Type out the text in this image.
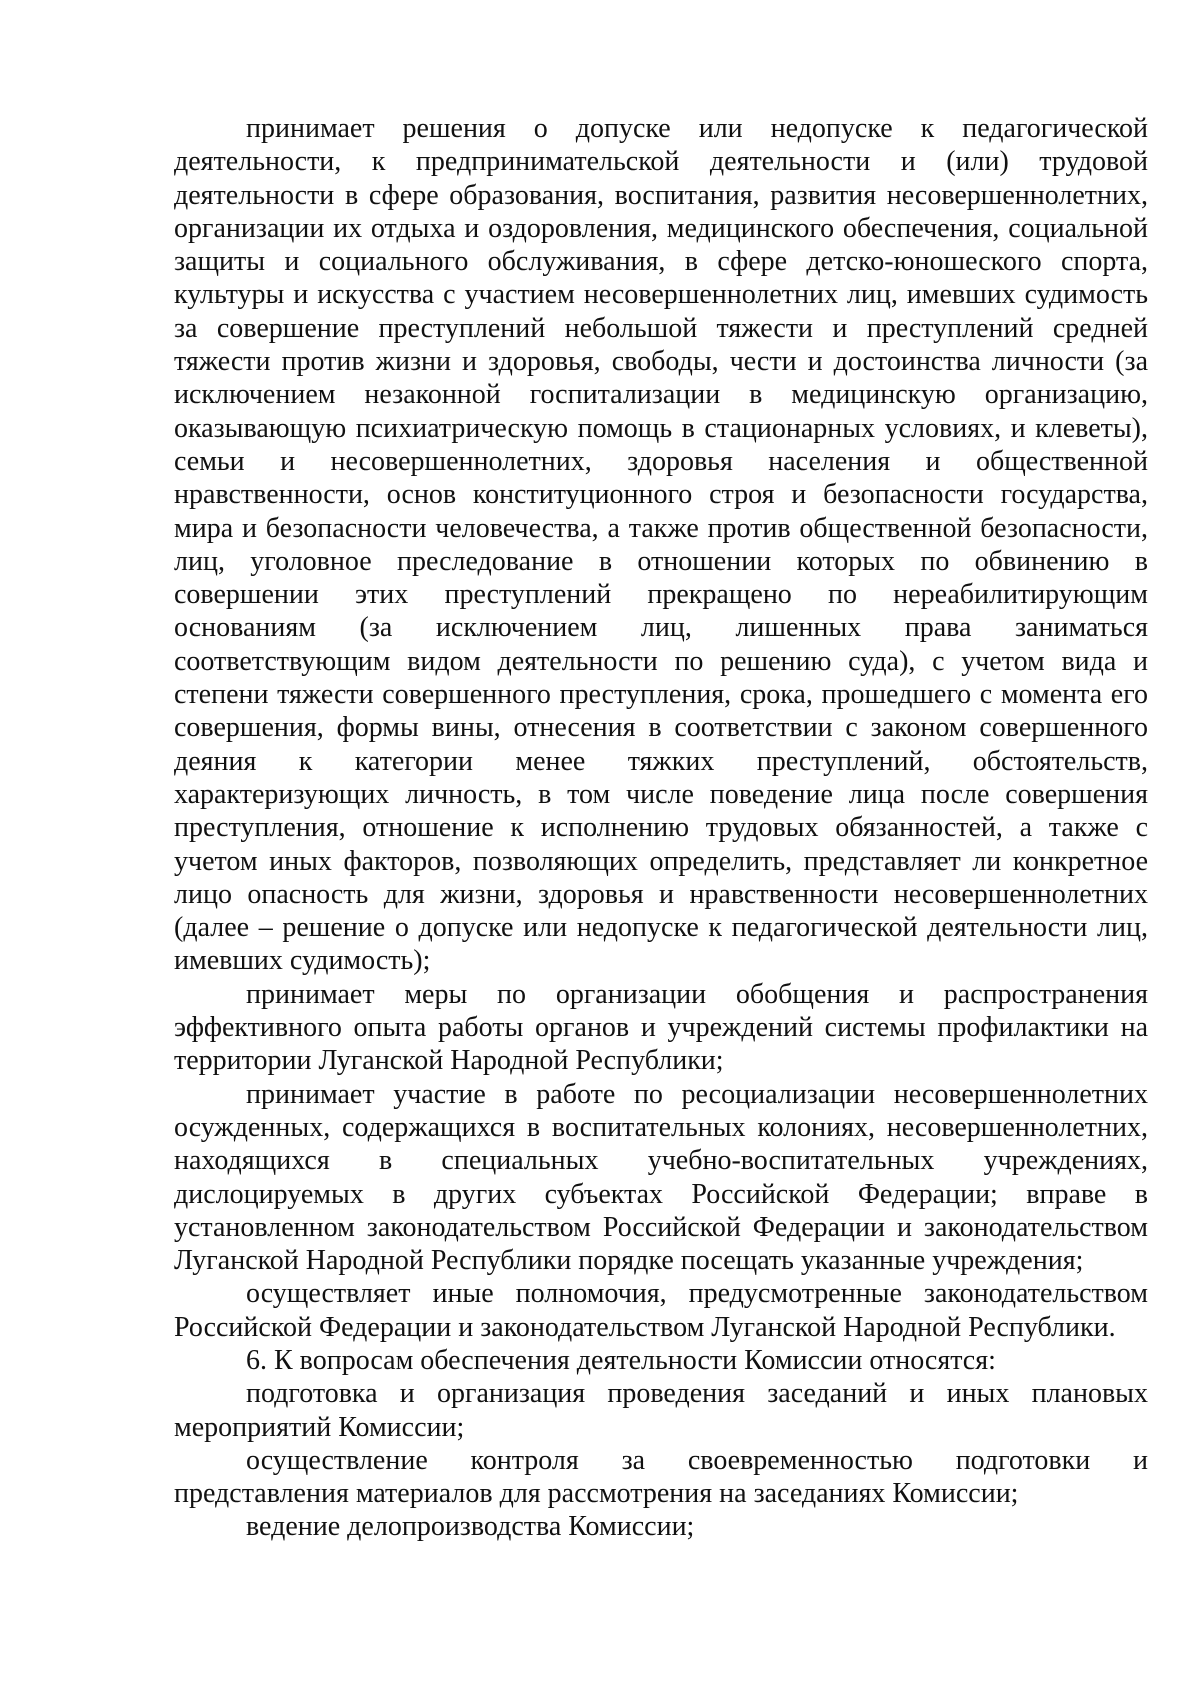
принимает решения о допуске или недопуске к педагогической деятельности, к предпринимательской деятельности и (или) трудовой деятельности в сфере образования, воспитания, развития несовершеннолетних, организации их отдыха и оздоровления, медицинского обеспечения, социальной защиты и социального обслуживания, в сфере детско-юношеского спорта, культуры и искусства с участием несовершеннолетних лиц, имевших судимость за совершение преступлений небольшой тяжести и преступлений средней тяжести против жизни и здоровья, свободы, чести и достоинства личности (за исключением незаконной госпитализации в медицинскую организацию, оказывающую психиатрическую помощь в стационарных условиях, и клеветы), семьи и несовершеннолетних, здоровья населения и общественной нравственности, основ конституционного строя и безопасности государства, мира и безопасности человечества, а также против общественной безопасности, лиц, уголовное преследование в отношении которых по обвинению в совершении этих преступлений прекращено по нереабилитирующим основаниям (за исключением лиц, лишенных права заниматься соответствующим видом деятельности по решению суда), с учетом вида и степени тяжести совершенного преступления, срока, прошедшего с момента его совершения, формы вины, отнесения в соответствии с законом совершенного деяния к категории менее тяжких преступлений, обстоятельств, характеризующих личность, в том числе поведение лица после совершения преступления, отношение к исполнению трудовых обязанностей, а также с учетом иных факторов, позволяющих определить, представляет ли конкретное лицо опасность для жизни, здоровья и нравственности несовершеннолетних (далее – решение о допуске или недопуске к педагогической деятельности лиц, имевших судимость);

принимает меры по организации обобщения и распространения эффективного опыта работы органов и учреждений системы профилактики на территории Луганской Народной Республики;

принимает участие в работе по ресоциализации несовершеннолетних осужденных, содержащихся в воспитательных колониях, несовершеннолетних, находящихся в специальных учебно-воспитательных учреждениях, дислоцируемых в других субъектах Российской Федерации; вправе в установленном законодательством Российской Федерации и законодательством Луганской Народной Республики порядке посещать указанные учреждения;

осуществляет иные полномочия, предусмотренные законодательством Российской Федерации и законодательством Луганской Народной Республики.

6. К вопросам обеспечения деятельности Комиссии относятся:

подготовка и организация проведения заседаний и иных плановых мероприятий Комиссии;

осуществление контроля за своевременностью подготовки и представления материалов для рассмотрения на заседаниях Комиссии;

ведение делопроизводства Комиссии;
